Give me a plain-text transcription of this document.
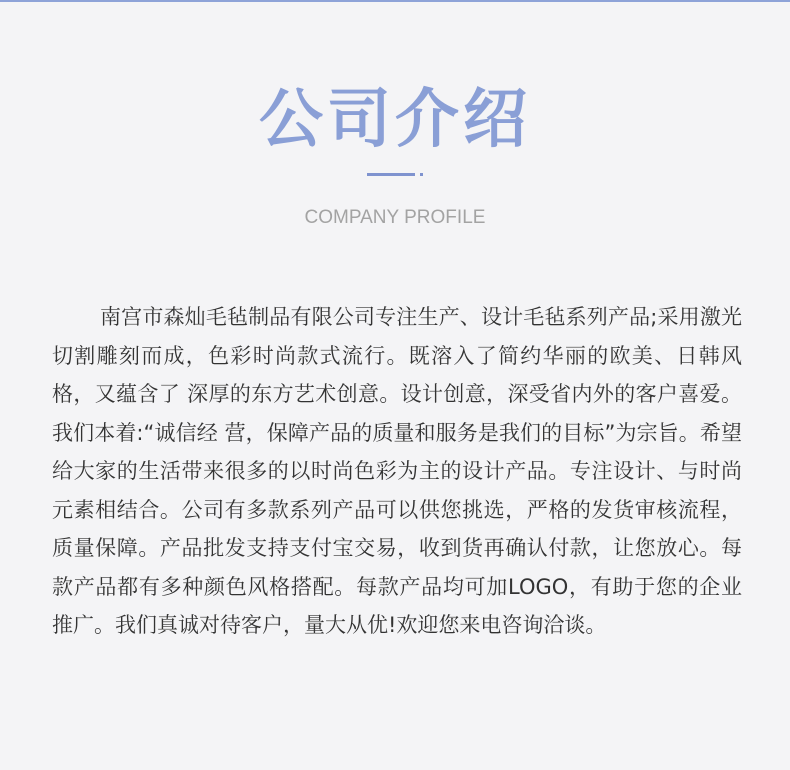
公司介绍
COMPANY PROFILE

南宫市森灿毛毡制品有限公司专注生产、设计毛毡系列产品;采用激光切割雕刻而成，色彩时尚款式流行。既溶入了简约华丽的欧美、日韩风格，又蕴含了 深厚的东方艺术创意。设计创意，深受省内外的客户喜爱。我们本着:“诚信经 营，保障产品的质量和服务是我们的目标”为宗旨。希望给大家的生活带来很多的以时尚色彩为主的设计产品。专注设计、与时尚元素相结合。公司有多款系列产品可以供您挑选，严格的发货审核流程，质量保障。产品批发支持支付宝交易，收到货再确认付款，让您放心。每款产品都有多种颜色风格搭配。每款产品均可加LOGO，有助于您的企业推广。我们真诚对待客户，量大从优!欢迎您来电咨询洽谈。
